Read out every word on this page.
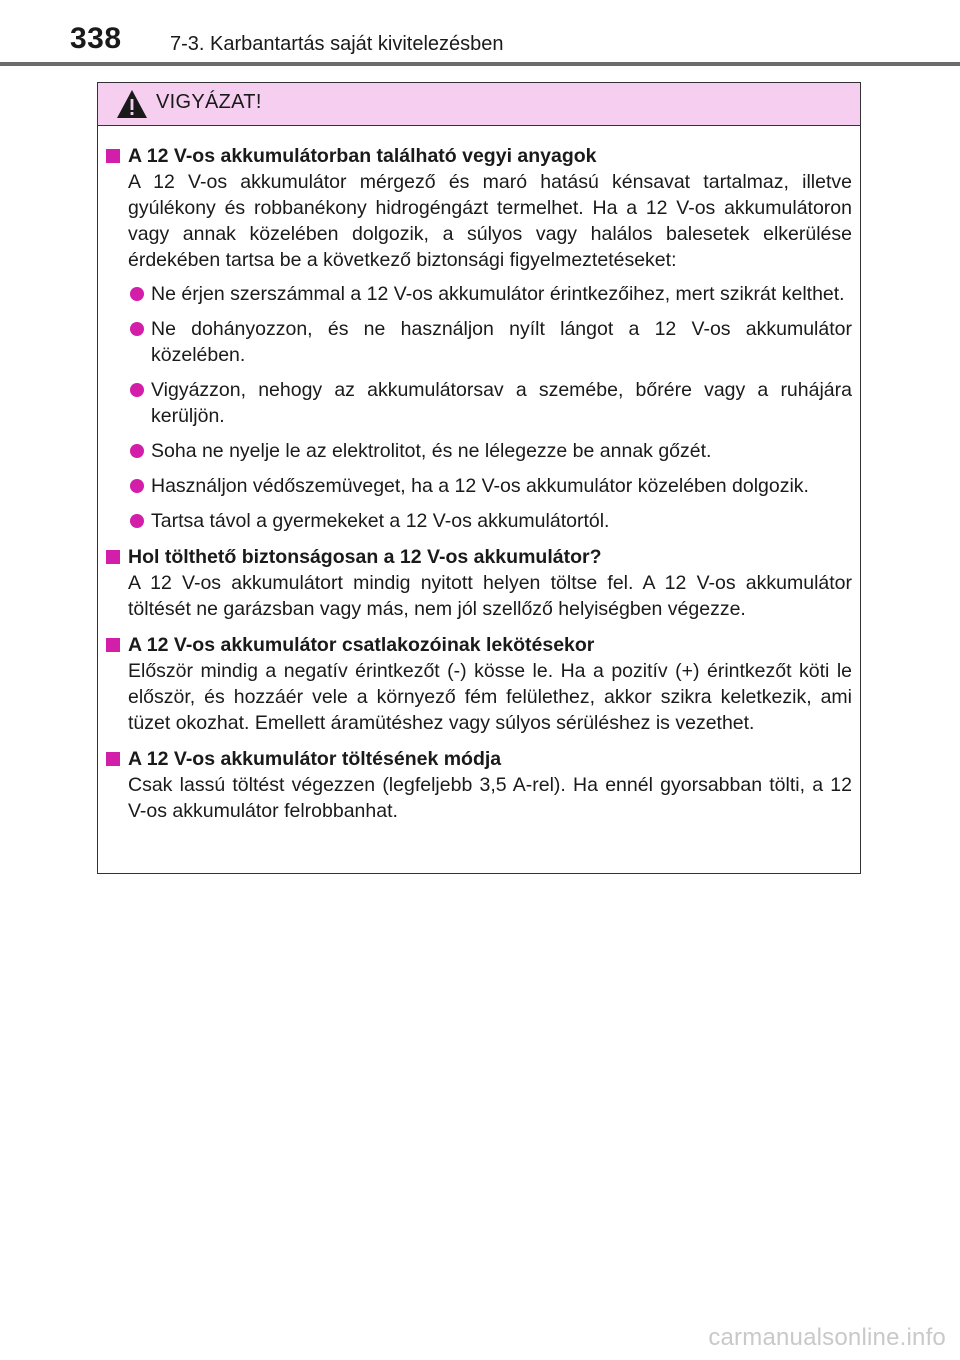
338 7-3. Karbantartás saját kivitelezésben
VIGYÁZAT!
A 12 V-os akkumulátorban található vegyi anyagok
A 12 V-os akkumulátor mérgező és maró hatású kénsavat tartalmaz, illetve gyúlékony és robbanékony hidrogéngázt termelhet. Ha a 12 V-os akkumulátoron vagy annak közelében dolgozik, a súlyos vagy halálos balesetek elkerülése érdekében tartsa be a következő biztonsági figyelmeztetéseket:
Ne érjen szerszámmal a 12 V-os akkumulátor érintkezőihez, mert szikrát kelthet.
Ne dohányozzon, és ne használjon nyílt lángot a 12 V-os akkumulátor közelében.
Vigyázzon, nehogy az akkumulátorsav a szemébe, bőrére vagy a ruhájára kerüljön.
Soha ne nyelje le az elektrolitot, és ne lélegezze be annak gőzét.
Használjon védőszemüveget, ha a 12 V-os akkumulátor közelében dolgozik.
Tartsa távol a gyermekeket a 12 V-os akkumulátortól.
Hol tölthető biztonságosan a 12 V-os akkumulátor?
A 12 V-os akkumulátort mindig nyitott helyen töltse fel. A 12 V-os akkumulátor töltését ne garázsban vagy más, nem jól szellőző helyiségben végezze.
A 12 V-os akkumulátor csatlakozóinak lekötésekor
Először mindig a negatív érintkezőt (-) kösse le. Ha a pozitív (+) érintkezőt köti le először, és hozzáér vele a környező fém felülethez, akkor szikra keletkezik, ami tüzet okozhat. Emellett áramütéshez vagy súlyos sérüléshez is vezethet.
A 12 V-os akkumulátor töltésének módja
Csak lassú töltést végezzen (legfeljebb 3,5 A-rel). Ha ennél gyorsabban tölti, a 12 V-os akkumulátor felrobbanhat.
carmanualsonline.info
